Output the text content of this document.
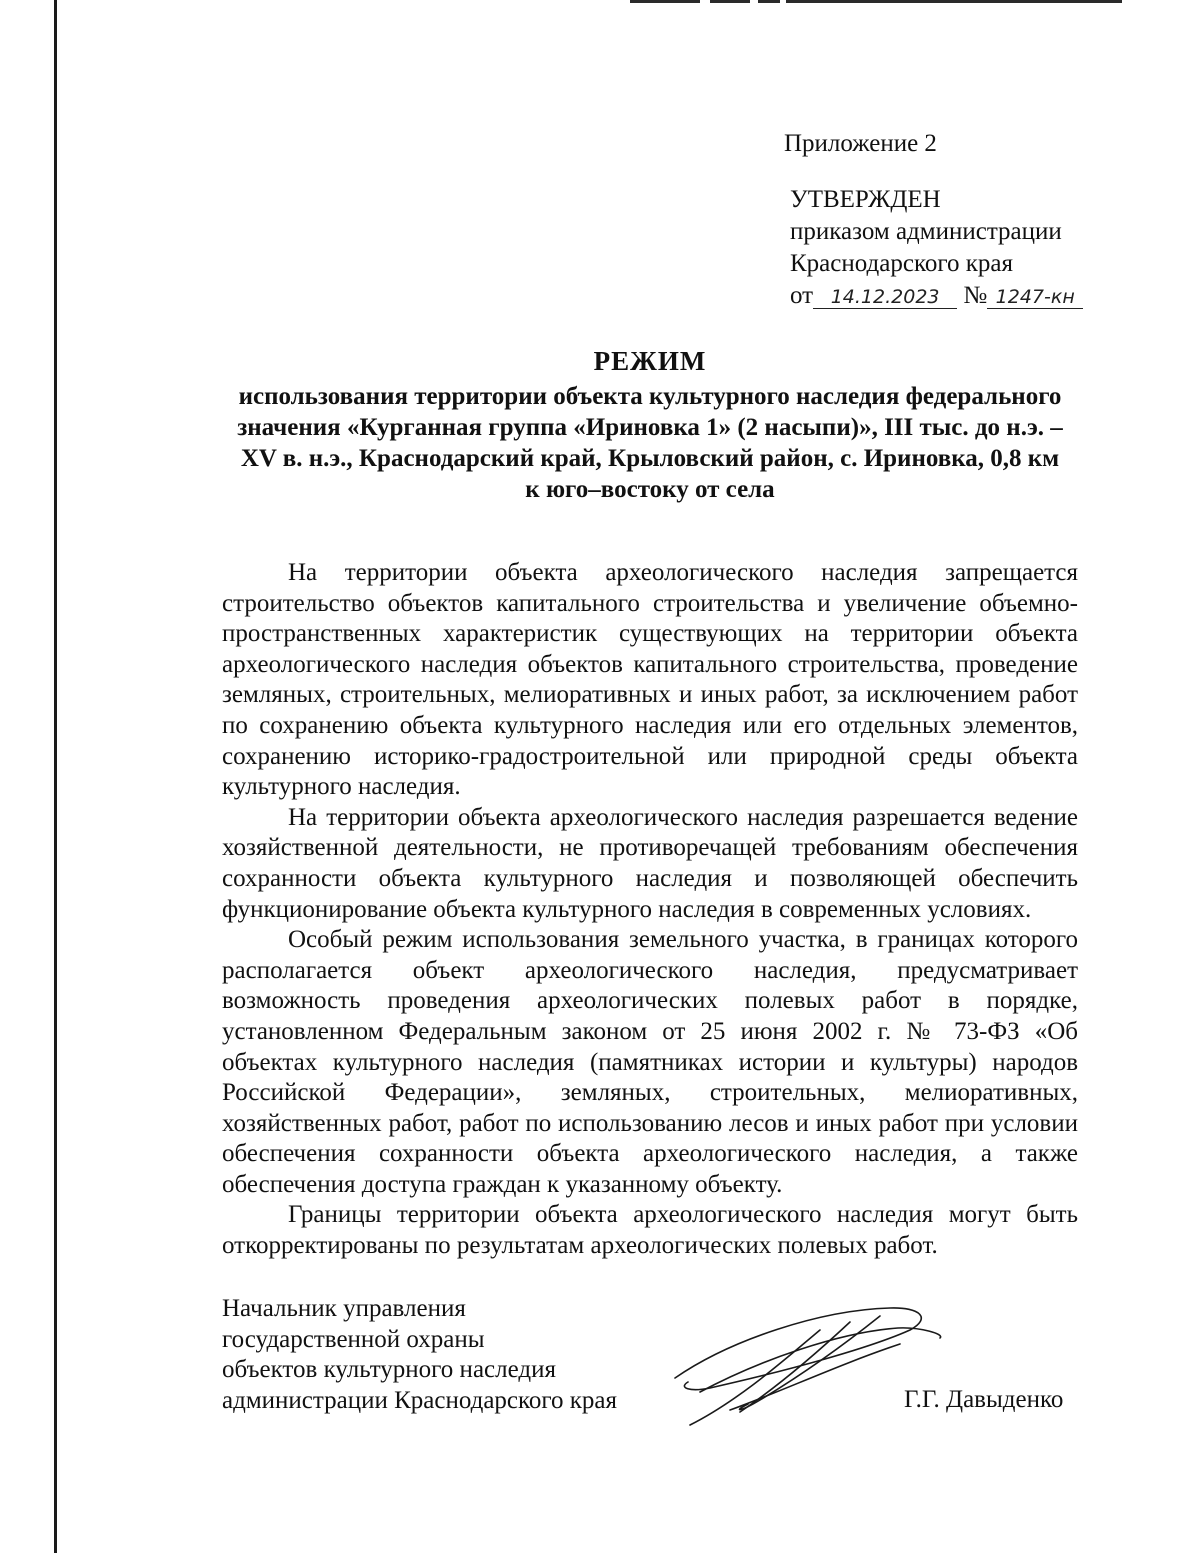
Приложение 2
УТВЕРЖДЕН
приказом администрации
Краснодарского края
от 14.12.2023 № 1247-кн
РЕЖИМ
использования территории объекта культурного наследия федерального
значения «Курганная группа «Ириновка 1» (2 насыпи)», III тыс. до н.э. –
XV в. н.э., Краснодарский край, Крыловский район, с. Ириновка, 0,8 км
к юго–востоку от села

На территории объекта археологического наследия запрещается строительство объектов капитального строительства и увеличение объемно-пространственных характеристик существующих на территории объекта археологического наследия объектов капитального строительства, проведение земляных, строительных, мелиоративных и иных работ, за исключением работ по сохранению объекта культурного наследия или его отдельных элементов, сохранению историко-градостроительной или природной среды объекта культурного наследия.

На территории объекта археологического наследия разрешается ведение хозяйственной деятельности, не противоречащей требованиям обеспечения сохранности объекта культурного наследия и позволяющей обеспечить функционирование объекта культурного наследия в современных условиях.

Особый режим использования земельного участка, в границах которого располагается объект археологического наследия, предусматривает возможность проведения археологических полевых работ в порядке, установленном Федеральным законом от 25 июня 2002 г. № 73-ФЗ «Об объектах культурного наследия (памятниках истории и культуры) народов Российской Федерации», земляных, строительных, мелиоративных, хозяйственных работ, работ по использованию лесов и иных работ при условии обеспечения сохранности объекта археологического наследия, а также обеспечения доступа граждан к указанному объекту.

Границы территории объекта археологического наследия могут быть откорректированы по результатам археологических полевых работ.

Начальник управления
государственной охраны
объектов культурного наследия
администрации Краснодарского края	Г.Г. Давыденко
